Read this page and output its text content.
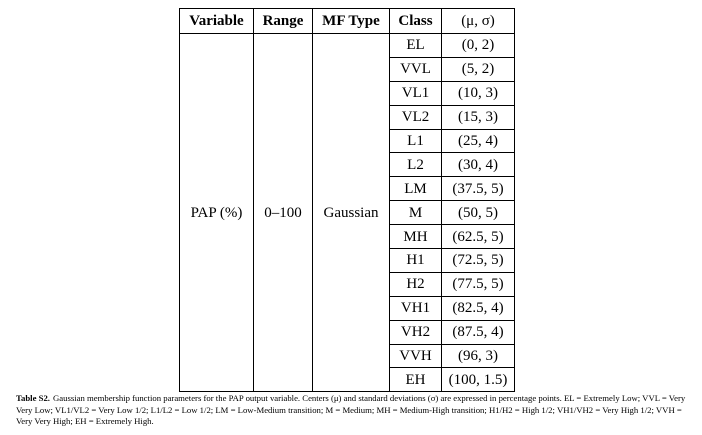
Variable	Range	MF Type	Class	(μ, σ)
PAP (%)	0–100	Gaussian	EL	(0, 2)
			VVL	(5, 2)
			VL1	(10, 3)
			VL2	(15, 3)
			L1	(25, 4)
			L2	(30, 4)
			LM	(37.5, 5)
			M	(50, 5)
			MH	(62.5, 5)
			H1	(72.5, 5)
			H2	(77.5, 5)
			VH1	(82.5, 4)
			VH2	(87.5, 4)
			VVH	(96, 3)
			EH	(100, 1.5)
Table S2. Gaussian membership function parameters for the PAP output variable. Centers (μ) and standard deviations (σ) are expressed in percentage points. EL = Extremely Low; VVL = Very Very Low; VL1/VL2 = Very Low 1/2; L1/L2 = Low 1/2; LM = Low-Medium transition; M = Medium; MH = Medium-High transition; H1/H2 = High 1/2; VH1/VH2 = Very High 1/2; VVH = Very Very High; EH = Extremely High.
